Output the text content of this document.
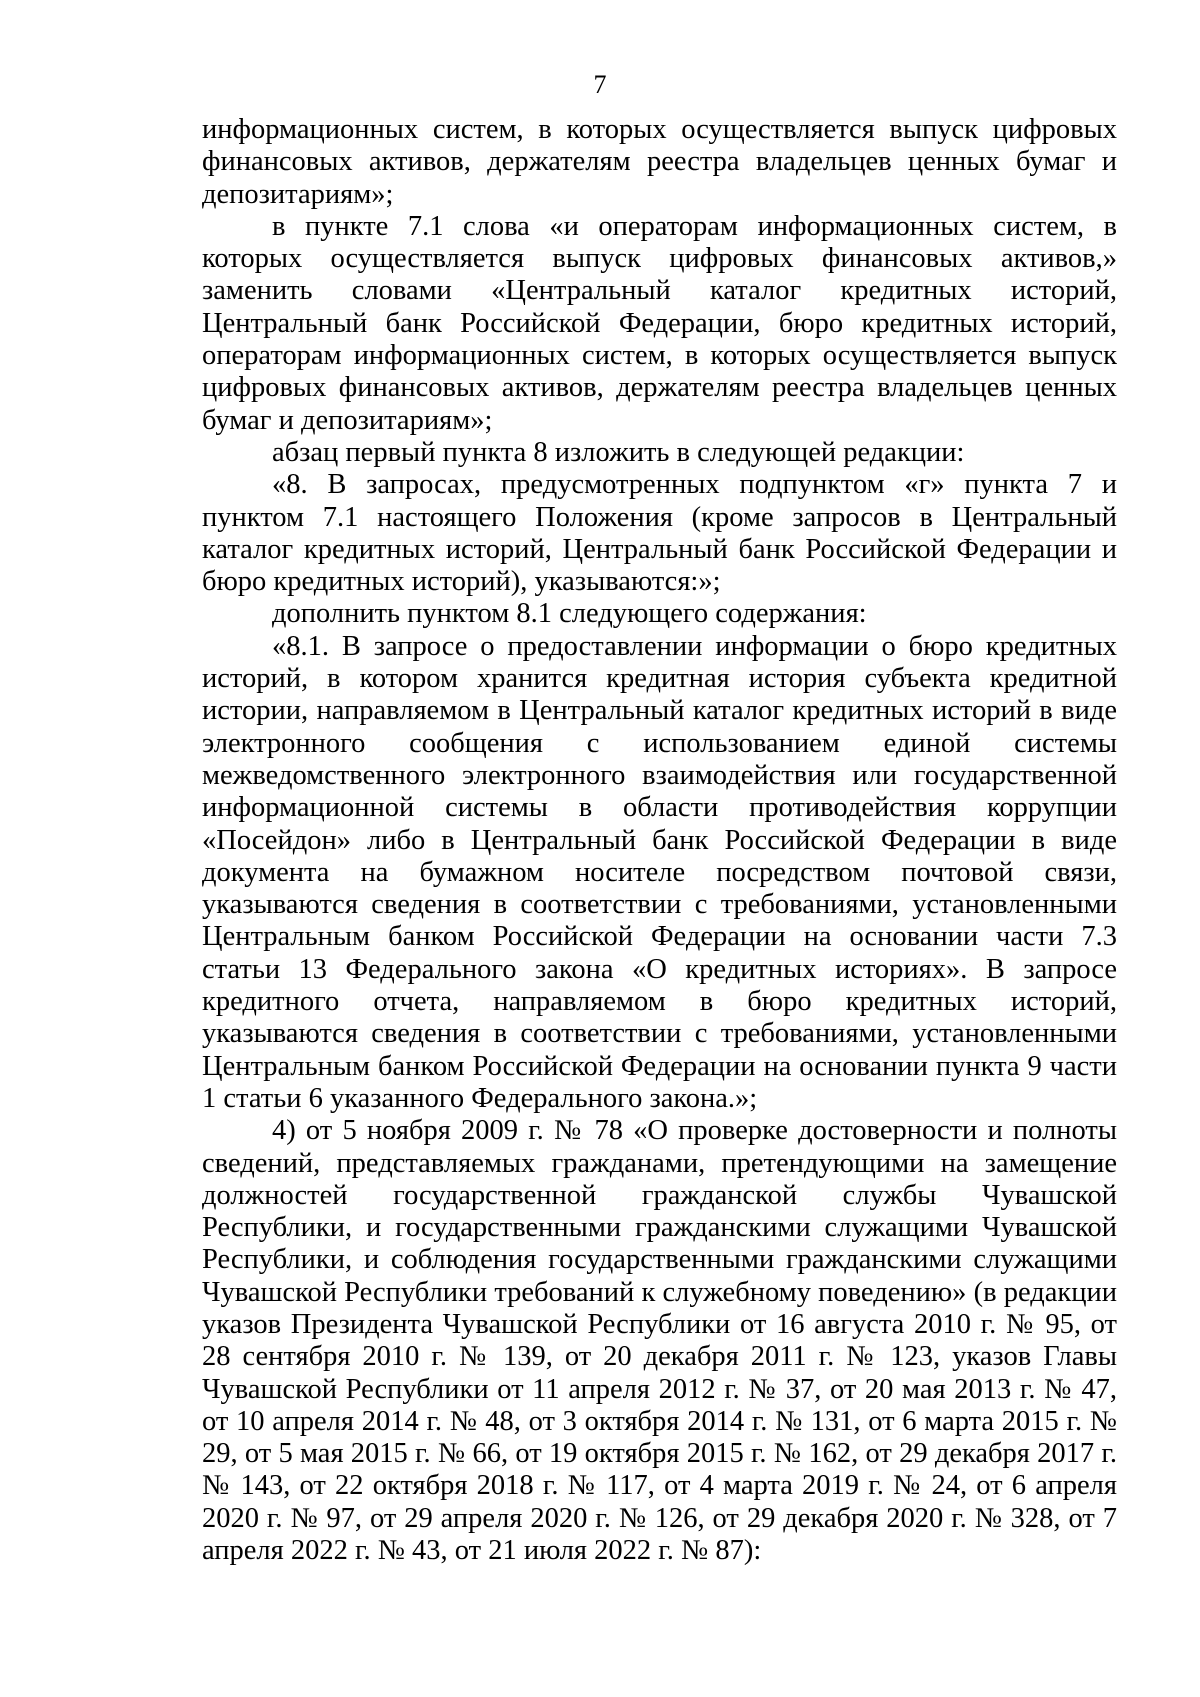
7

информационных систем, в которых осуществляется выпуск цифровых финансовых активов, держателям реестра владельцев ценных бумаг и депозитариям»;

в пункте 7.1 слова «и операторам информационных систем, в которых осуществляется выпуск цифровых финансовых активов,» заменить словами «Центральный каталог кредитных историй, Центральный банк Российской Федерации, бюро кредитных историй, операторам информационных систем, в которых осуществляется выпуск цифровых финансовых активов, держателям реестра владельцев ценных бумаг и депозитариям»;

абзац первый пункта 8 изложить в следующей редакции:

«8. В запросах, предусмотренных подпунктом «г» пункта 7 и пунктом 7.1 настоящего Положения (кроме запросов в Центральный каталог кредитных историй, Центральный банк Российской Федерации и бюро кредитных историй), указываются:»;

дополнить пунктом 8.1 следующего содержания:

«8.1. В запросе о предоставлении информации о бюро кредитных историй, в котором хранится кредитная история субъекта кредитной истории, направляемом в Центральный каталог кредитных историй в виде электронного сообщения с использованием единой системы межведомственного электронного взаимодействия или государственной информационной системы в области противодействия коррупции «Посейдон» либо в Центральный банк Российской Федерации в виде документа на бумажном носителе посредством почтовой связи, указываются сведения в соответствии с требованиями, установленными Центральным банком Российской Федерации на основании части 7.3 статьи 13 Федерального закона «О кредитных историях». В запросе кредитного отчета, направляемом в бюро кредитных историй, указываются сведения в соответствии с требованиями, установленными Центральным банком Российской Федерации на основании пункта 9 части 1 статьи 6 указанного Федерального закона.»;

4) от 5 ноября 2009 г. № 78 «О проверке достоверности и полноты сведений, представляемых гражданами, претендующими на замещение должностей государственной гражданской службы Чувашской Республики, и государственными гражданскими служащими Чувашской Республики, и соблюдения государственными гражданскими служащими Чувашской Республики требований к служебному поведению» (в редакции указов Президента Чувашской Республики от 16 августа 2010 г. № 95, от 28 сентября 2010 г. № 139, от 20 декабря 2011 г. № 123, указов Главы Чувашской Республики от 11 апреля 2012 г. № 37, от 20 мая 2013 г. № 47, от 10 апреля 2014 г. № 48, от 3 октября 2014 г. № 131, от 6 марта 2015 г. № 29, от 5 мая 2015 г. № 66, от 19 октября 2015 г. № 162, от 29 декабря 2017 г. № 143, от 22 октября 2018 г. № 117, от 4 марта 2019 г. № 24, от 6 апреля 2020 г. № 97, от 29 апреля 2020 г. № 126, от 29 декабря 2020 г. № 328, от 7 апреля 2022 г. № 43, от 21 июля 2022 г. № 87):
